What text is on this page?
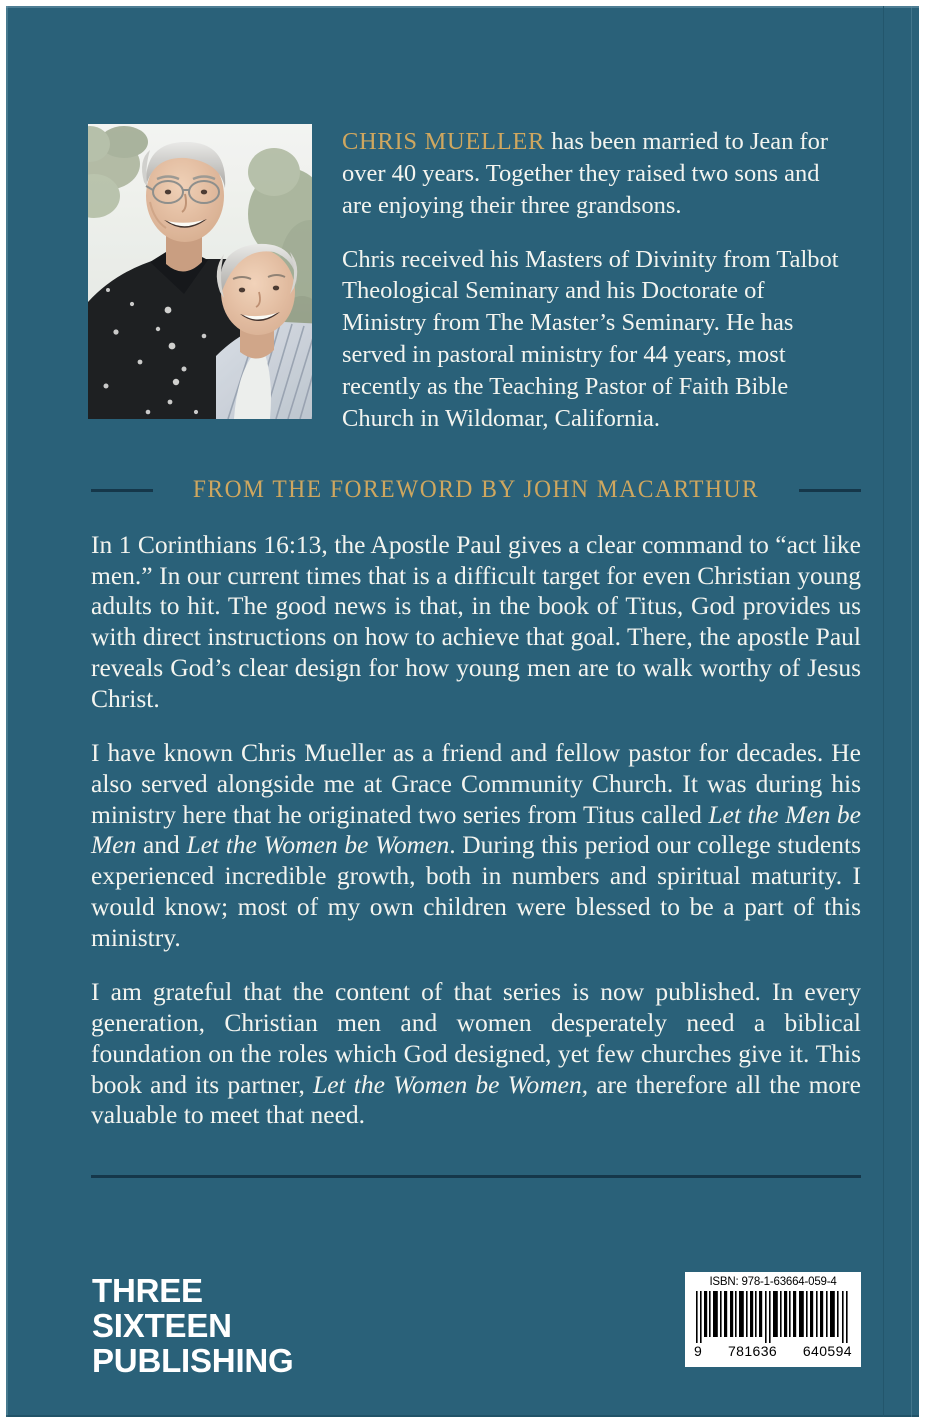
CHRIS MUELLER has been married to Jean for over 40 years. Together they raised two sons and are enjoying their three grandsons.

Chris received his Masters of Divinity from Talbot Theological Seminary and his Doctorate of Ministry from The Master’s Seminary. He has served in pastoral ministry for 44 years, most recently as the Teaching Pastor of Faith Bible Church in Wildomar, California.

FROM THE FOREWORD BY JOHN MACARTHUR

In 1 Corinthians 16:13, the Apostle Paul gives a clear command to “act like men.” In our current times that is a difficult target for even Christian young adults to hit. The good news is that, in the book of Titus, God provides us with direct instructions on how to achieve that goal. There, the apostle Paul reveals God’s clear design for how young men are to walk worthy of Jesus Christ.

I have known Chris Mueller as a friend and fellow pastor for decades. He also served alongside me at Grace Community Church. It was during his ministry here that he originated two series from Titus called Let the Men be Men and Let the Women be Women. During this period our college students experienced incredible growth, both in numbers and spiritual maturity. I would know; most of my own children were blessed to be a part of this ministry.

I am grateful that the content of that series is now published. In every generation, Christian men and women desperately need a biblical foundation on the roles which God designed, yet few churches give it. This book and its partner, Let the Women be Women, are therefore all the more valuable to meet that need.

THREE
SIXTEEN
PUBLISHING
ISBN: 978-1-63664-059-4
9 781636 640594
